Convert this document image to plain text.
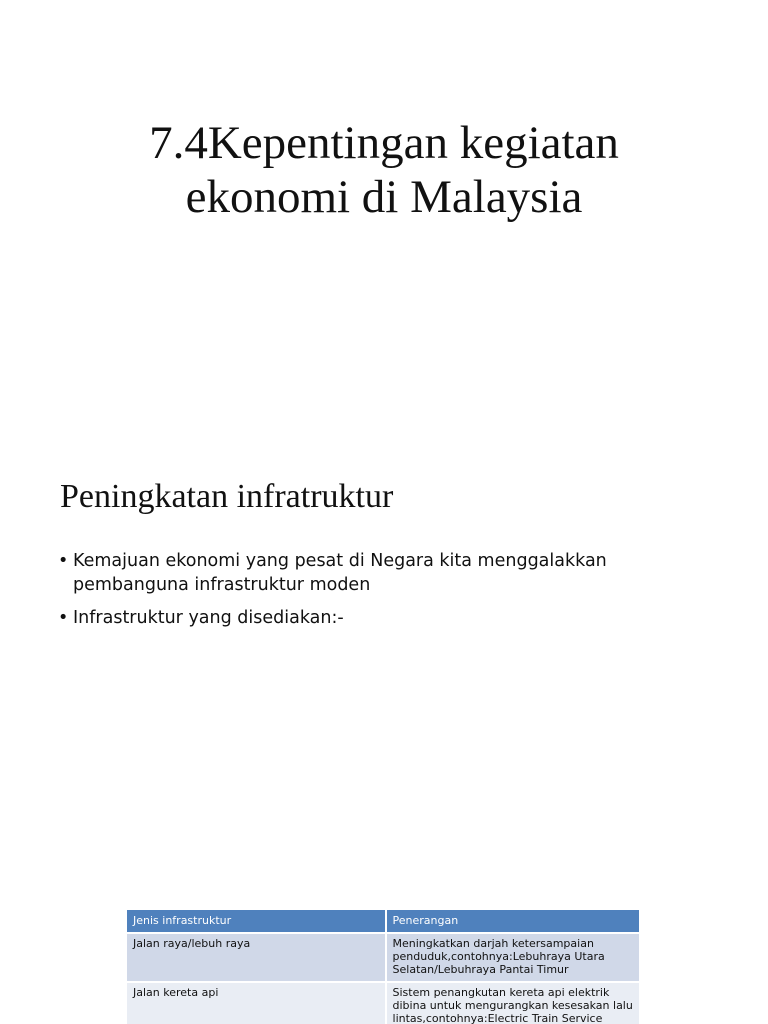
7.4Kepentingan kegiatan
ekonomi di Malaysia
Peningkatan infratruktur
• Kemajuan ekonomi yang pesat di Negara kita menggalakkan pembanguna infrastruktur moden
• Infrastruktur yang disediakan:-
Jenis infrastruktur	Penerangan
Jalan raya/lebuh raya	Meningkatkan darjah ketersampaian penduduk,contohnya:Lebuhraya Utara Selatan/Lebuhraya Pantai Timur
Jalan kereta api	Sistem penangkutan kereta api elektrik dibina untuk mengurangkan kesesakan lalu lintas,contohnya:Electric Train Service
